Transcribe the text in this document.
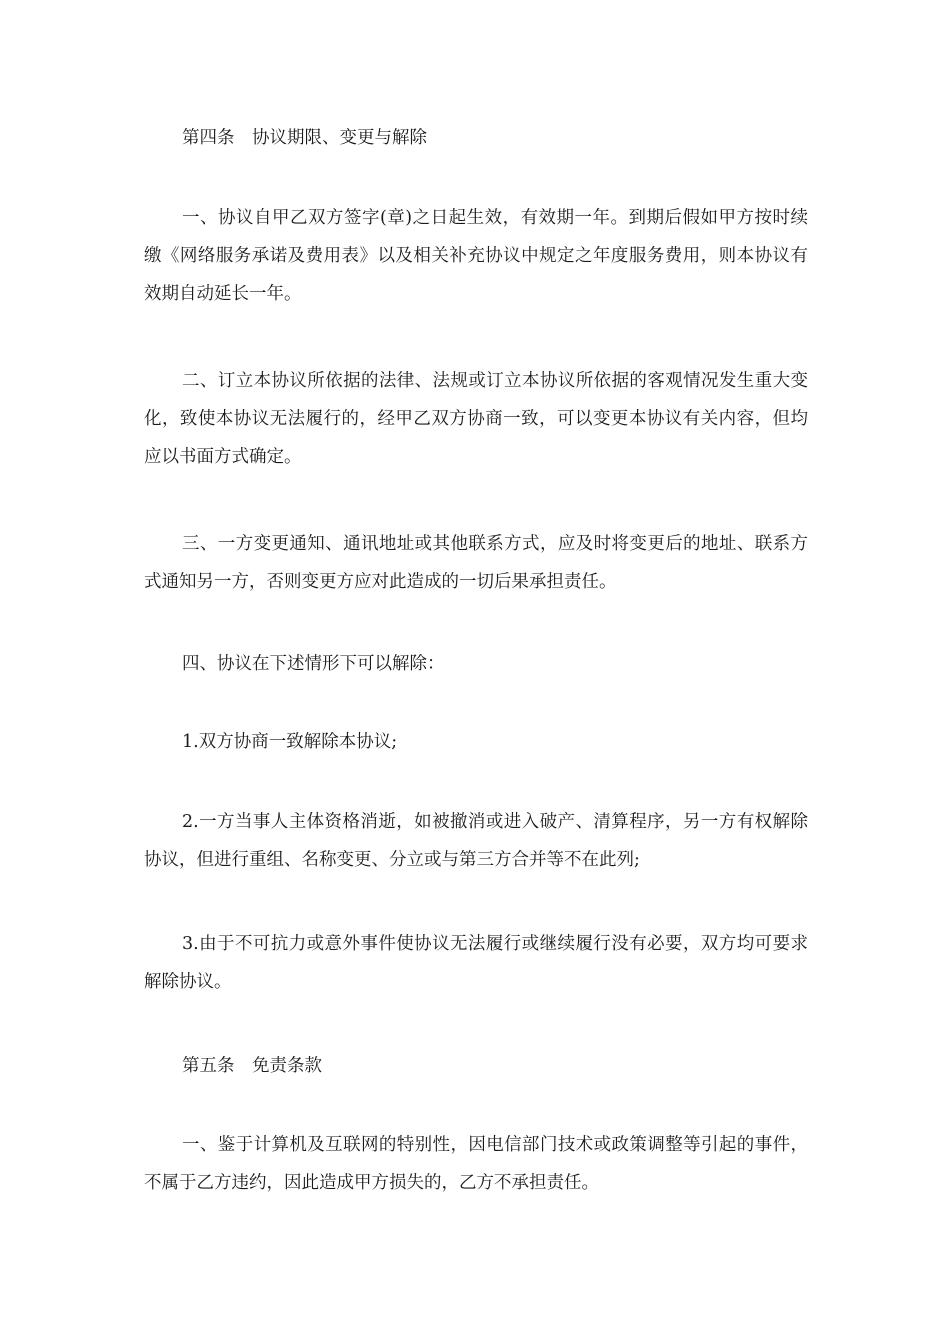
第四条　协议期限、变更与解除

一、协议自甲乙双方签字(章)之日起生效，有效期一年。到期后假如甲方按时续缴《网络服务承诺及费用表》以及相关补充协议中规定之年度服务费用，则本协议有效期自动延长一年。

二、订立本协议所依据的法律、法规或订立本协议所依据的客观情况发生重大变化，致使本协议无法履行的，经甲乙双方协商一致，可以变更本协议有关内容，但均应以书面方式确定。

三、一方变更通知、通讯地址或其他联系方式，应及时将变更后的地址、联系方式通知另一方，否则变更方应对此造成的一切后果承担责任。

四、协议在下述情形下可以解除：

1.双方协商一致解除本协议;

2.一方当事人主体资格消逝，如被撤消或进入破产、清算程序，另一方有权解除协议，但进行重组、名称变更、分立或与第三方合并等不在此列;

3.由于不可抗力或意外事件使协议无法履行或继续履行没有必要，双方均可要求解除协议。

第五条　免责条款

一、鉴于计算机及互联网的特别性，因电信部门技术或政策调整等引起的事件，不属于乙方违约，因此造成甲方损失的，乙方不承担责任。
